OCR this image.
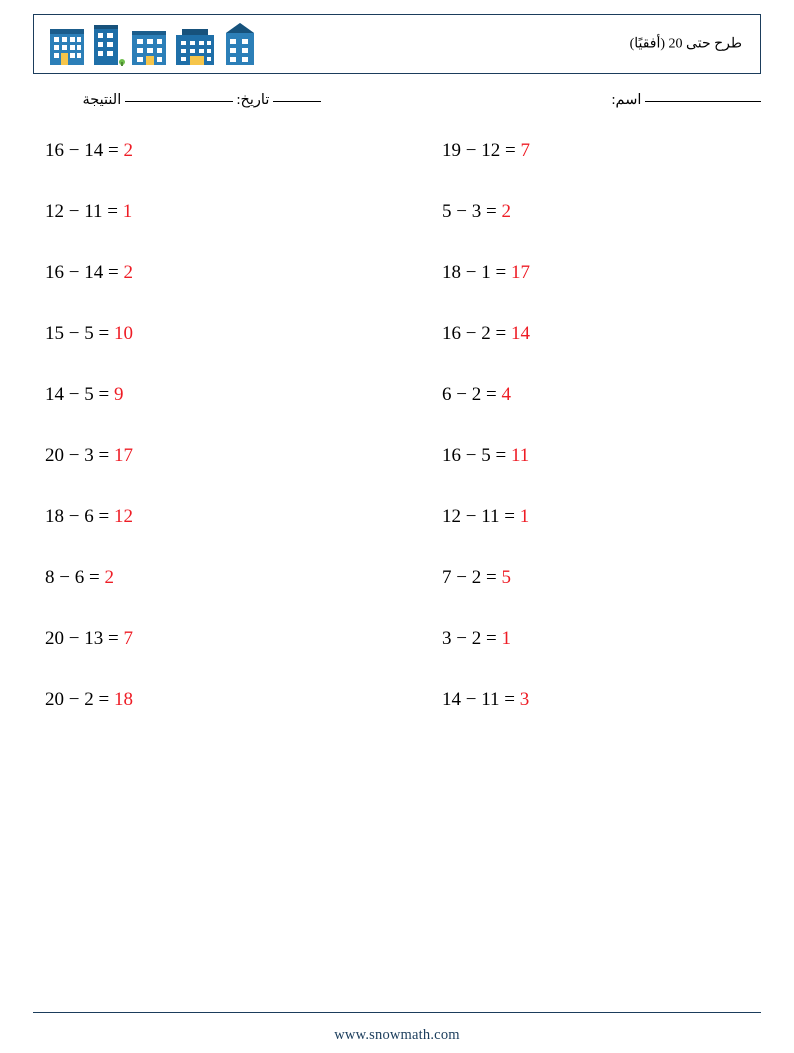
طرح حتى 20 (أفقيًا)
اسم:
تاريخ:  النتيجة
16 − 14 = 2	19 − 12 = 7
12 − 11 = 1	5 − 3 = 2
16 − 14 = 2	18 − 1 = 17
15 − 5 = 10	16 − 2 = 14
14 − 5 = 9	6 − 2 = 4
20 − 3 = 17	16 − 5 = 11
18 − 6 = 12	12 − 11 = 1
8 − 6 = 2	7 − 2 = 5
20 − 13 = 7	3 − 2 = 1
20 − 2 = 18	14 − 11 = 3
www.snowmath.com
